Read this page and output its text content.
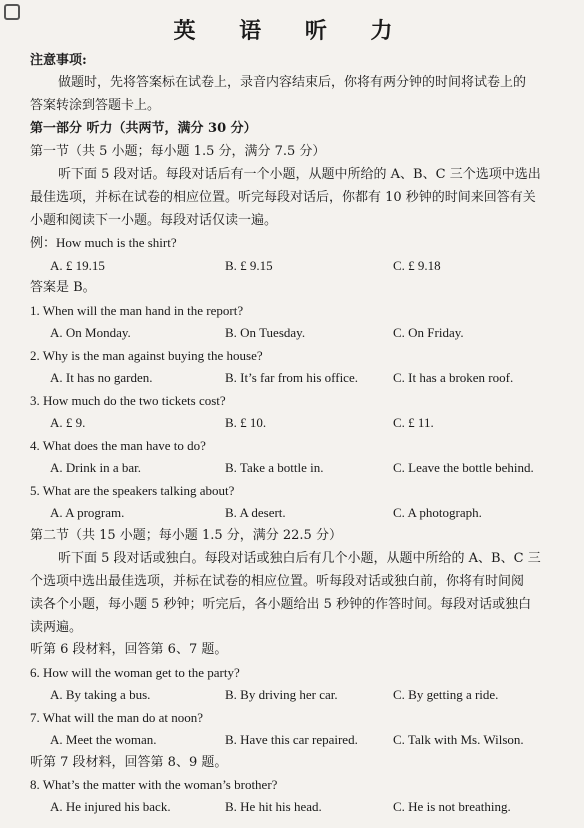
英 语 听 力
注意事项:
做题时，先将答案标在试卷上，录音内容结束后，你将有两分钟的时间将试卷上的
答案转涂到答题卡上。
第一部分 听力（共两节，满分 30 分）
第一节（共 5 小题；每小题 1.5 分，满分 7.5 分）
听下面 5 段对话。每段对话后有一个小题，从题中所给的 A、B、C 三个选项中选出
最佳选项，并标在试卷的相应位置。听完每段对话后，你都有 10 秒钟的时间来回答有关
小题和阅读下一小题。每段对话仅读一遍。
例：How much is the shirt?
A. £ 19.15	B. £ 9.15	C. £ 9.18
答案是 B。
1. When will the man hand in the report?
A. On Monday.	B. On Tuesday.	C. On Friday.
2. Why is the man against buying the house?
A. It has no garden.	B. It’s far from his office.	C. It has a broken roof.
3. How much do the two tickets cost?
A. £ 9.	B. £ 10.	C. £ 11.
4. What does the man have to do?
A. Drink in a bar.	B. Take a bottle in.	C. Leave the bottle behind.
5. What are the speakers talking about?
A. A program.	B. A desert.	C. A photograph.
第二节（共 15 小题；每小题 1.5 分，满分 22.5 分）
听下面 5 段对话或独白。每段对话或独白后有几个小题，从题中所给的 A、B、C 三
个选项中选出最佳选项，并标在试卷的相应位置。听每段对话或独白前，你将有时间阅
读各个小题，每小题 5 秒钟；听完后，各小题给出 5 秒钟的作答时间。每段对话或独白
读两遍。
听第 6 段材料，回答第 6、7 题。
6. How will the woman get to the party?
A. By taking a bus.	B. By driving her car.	C. By getting a ride.
7. What will the man do at noon?
A. Meet the woman.	B. Have this car repaired.	C. Talk with Ms. Wilson.
听第 7 段材料，回答第 8、9 题。
8. What’s the matter with the woman’s brother?
A. He injured his back.	B. He hit his head.	C. He is not breathing.
